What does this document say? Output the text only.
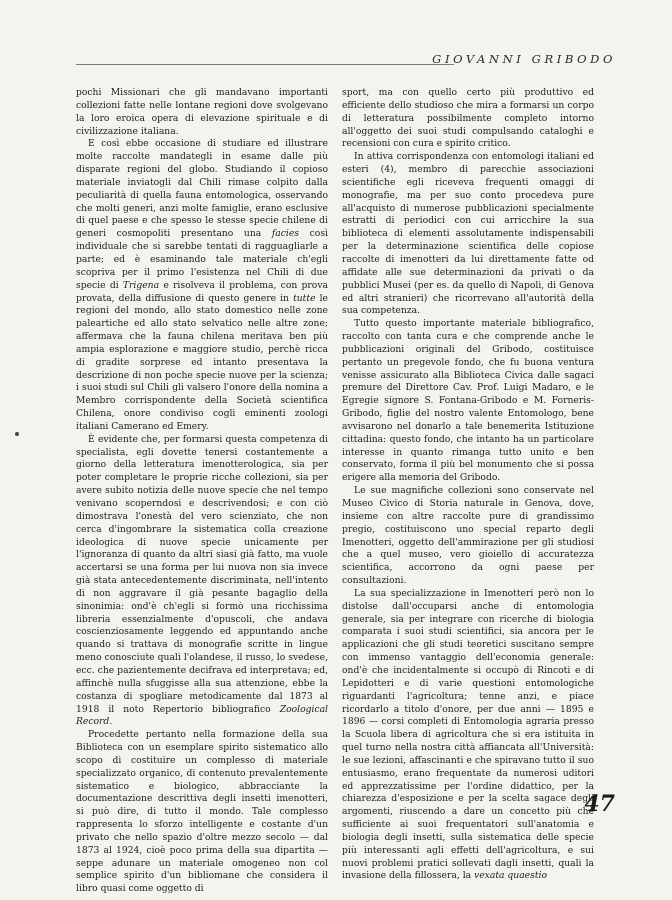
GIOVANNI GRIBODO

pochi Missionari che gli mandavano importanti collezioni fatte nelle lontane regioni dove svolgevano la loro eroica opera di elevazione spirituale e di civilizzazione italiana.

E così ebbe occasione di studiare ed illustrare molte raccolte mandategli in esame dalle più disparate regioni del globo. Studiando il copioso materiale inviatogli dal Chili rimase colpito dalla peculiarità di quella fauna entomologica, osservando che molti generi, anzi molte famiglie, erano esclusive di quel paese e che spesso le stesse specie chilene di generi cosmopoliti presentano una facies così individuale che si sarebbe tentati di ragguagliarle a parte; ed è esaminando tale materiale ch'egli scopriva per il primo l'esistenza nel Chili di due specie di Trigena e risolveva il problema, con prova provata, della diffusione di questo genere in tutte le regioni del mondo, allo stato domestico nelle zone paleartiche ed allo stato selvatico nelle altre zone; affermava che la fauna chilena meritava ben più ampia esplorazione e maggiore studio, perchè ricca di gradite sorprese ed intanto presentava la descrizione di non poche specie nuove per la scienza; i suoi studi sul Chili gli valsero l'onore della nomina a Membro corrispondente della Società scientifica Chilena, onore condiviso cogli eminenti zoologi italiani Camerano ed Emery.

È evidente che, per formarsi questa competenza di specialista, egli dovette tenersi costantemente a giorno della letteratura imenotterologica, sia per poter completare le proprie ricche collezioni, sia per avere subito notizia delle nuove specie che nel tempo venivano scoperndosi e descrivendosi; e con ciò dimostrava l'onestà del vero scienziato, che non cerca d'ingombrare la sistematica colla creazione ideologica di nuove specie unicamente per l'ignoranza di quanto da altri siasi già fatto, ma vuole accertarsi se una forma per lui nuova non sia invece già stata antecedentemente discriminata, nell'intento di non aggravare il già pesante bagaglio della sinonimia: ond'è ch'egli si formò una ricchissima libreria essenzialmente d'opuscoli, che andava coscienziosamente leggendo ed appuntando anche quando si trattava di monografie scritte in lingue meno conosciute quali l'olandese, il russo, lo svedese, ecc. che pazientemente decifrava ed interpretava; ed, affinchè nulla sfuggisse alla sua attenzione, ebbe la costanza di spogliare metodicamente dal 1873 al 1918 il noto Repertorio bibliografico Zoological Record.

Procedette pertanto nella formazione della sua Biblioteca con un esemplare spirito sistematico allo scopo di costituire un complesso di materiale specializzato organico, di contenuto prevalentemente sistematico e biologico, abbracciante la documentazione descrittiva degli insetti imenotteri, si può dire, di tutto il mondo. Tale complesso rappresenta lo sforzo intelligente e costante d'un privato che nello spazio d'oltre mezzo secolo — dal 1873 al 1924, cioè poco prima della sua dipartita — seppe adunare un materiale omogeneo non col semplice spirito d'un bibliomane che considera il libro quasi come oggetto di

sport, ma con quello certo più produttivo ed efficiente dello studioso che mira a formarsi un corpo di letteratura possibilmente completo intorno all'oggetto dei suoi studi compulsando cataloghi e recensioni con cura e spirito critico.

In attiva corrispondenza con entomologi italiani ed esteri (4), membro di parecchie associazioni scientifiche egli riceveva frequenti omaggi di monografie, ma per suo conto procedeva pure all'acquisto di numerose pubblicazioni specialmente estratti di periodici con cui arricchire la sua biblioteca di elementi assolutamente indispensabili per la determinazione scientifica delle copiose raccolte di imenotteri da lui direttamente fatte od affidate alle sue determinazioni da privati o da pubblici Musei (per es. da quello di Napoli, di Genova ed altri stranieri) che ricorrevano all'autorità della sua competenza.

Tutto questo importante materiale bibliografico, raccolto con tanta cura e che comprende anche le pubblicazioni originali del Gribodo, costituisce pertanto un pregevole fondo, che fu buona ventura venisse assicurato alla Biblioteca Civica dalle sagaci premure del Direttore Cav. Prof. Luigi Madaro, e le Egregie signore S. Fontana-Gribodo e M. Forneris-Gribodo, figlie del nostro valente Entomologo, bene avvisarono nel donarlo a tale benemerita Istituzione cittadina: questo fondo, che intanto ha un particolare interesse in quanto rimanga tutto unito e ben conservato, forma il più bel monumento che si possa erigere alla memoria del Gribodo.

Le sue magnifiche collezioni sono conservate nel Museo Civico di Storia naturale in Genova, dove, insieme con altre raccolte pure di grandissimo pregio, costituiscono uno special reparto degli Imenotteri, oggetto dell'ammirazione per gli studiosi che a quel museo, vero gioiello di accuratezza scientifica, accorrono da ogni paese per consultazioni.

La sua specializzazione in Imenotteri però non lo distolse dall'occuparsi anche di entomologia generale, sia per integrare con ricerche di biologia comparata i suoi studi scientifici, sia ancora per le applicazioni che gli studi teoretici suscitano sempre con immenso vantaggio dell'economia generale: ond'è che incidentalmente si occupò di Rincoti e di Lepidotteri e di varie questioni entomologiche riguardanti l'agricoltura; tenne anzi, e piace ricordarlo a titolo d'onore, per due anni — 1895 e 1896 — corsi completi di Entomologia agraria presso la Scuola libera di agricoltura che si era istituita in quel turno nella nostra città affiancata all'Università: le sue lezioni, affascinanti e che spiravano tutto il suo entusiasmo, erano frequentate da numerosi uditori ed apprezzatissime per l'ordine didattico, per la chiarezza d'esposizione e per la scelta sagace degli argomenti, riuscendo a dare un concetto più che sufficiente ai suoi frequentatori sull'anatomia e biologia degli insetti, sulla sistematica delle specie più interessanti agli effetti dell'agricoltura, e sui nuovi problemi pratici sollevati dagli insetti, quali la invasione della fillossera, la vexata quaestio

47
